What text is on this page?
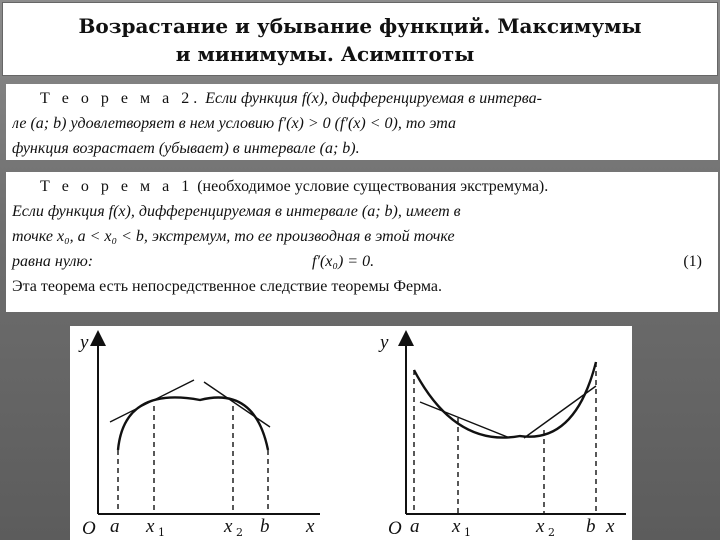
Возрастание и убывание функций. Максимумы
и минимумы. Асимптоты
Т е о р е м а 2. Если функция f(x), дифференцируемая в интерва-
ле (a; b) удовлетворяет в нем условию f′(x) > 0 (f′(x) < 0), то эта
функция возрастает (убывает) в интервале (a; b).
Т е о р е м а 1 (необходимое условие существования экстремума).
Если функция f(x), дифференцируемая в интервале (a; b), имеет в
точке x₀, a < x₀ < b, экстремум, то ее производная в этой точке
равна нулю:	f′(x₀) = 0.	(1)
Эта теорема есть непосредственное следствие теоремы Ферма.
y
O a x 1	x 2 b x
y
O a x 1	x 2 b x
